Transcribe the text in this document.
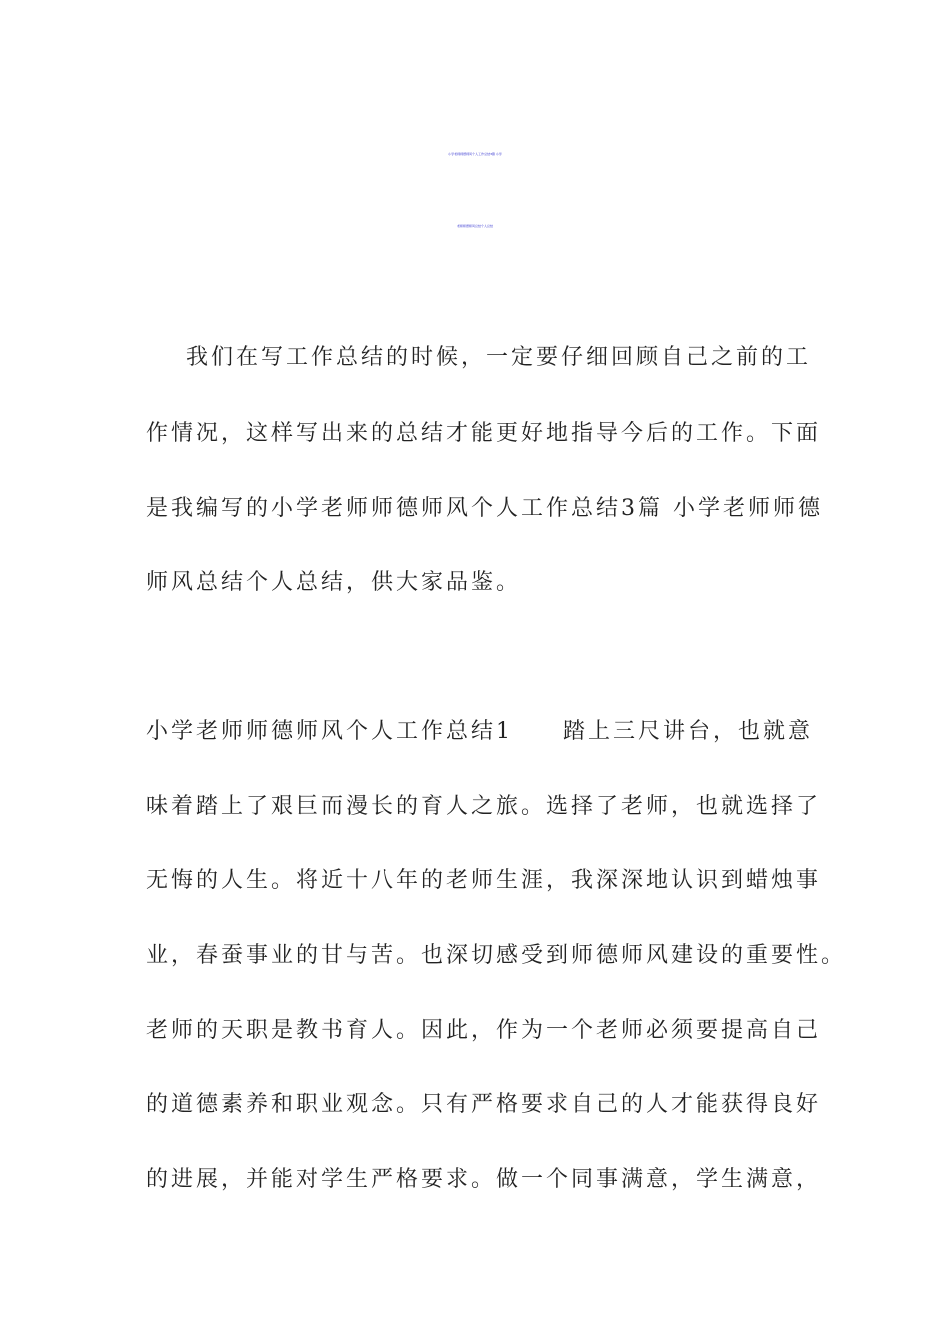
小学老师师德师风个人工作总结3篇 小学
老师师德师风总结个人总结
我们在写工作总结的时候，一定要仔细回顾自己之前的工
作情况，这样写出来的总结才能更好地指导今后的工作。下面
是我编写的小学老师师德师风个人工作总结3篇 小学老师师德
师风总结个人总结，供大家品鉴。
小学老师师德师风个人工作总结1     踏上三尺讲台，也就意
味着踏上了艰巨而漫长的育人之旅。选择了老师，也就选择了
无悔的人生。将近十八年的老师生涯，我深深地认识到蜡烛事
业，春蚕事业的甘与苦。也深切感受到师德师风建设的重要性。
老师的天职是教书育人。因此，作为一个老师必须要提高自己
的道德素养和职业观念。只有严格要求自己的人才能获得良好
的进展，并能对学生严格要求。做一个同事满意，学生满意，
